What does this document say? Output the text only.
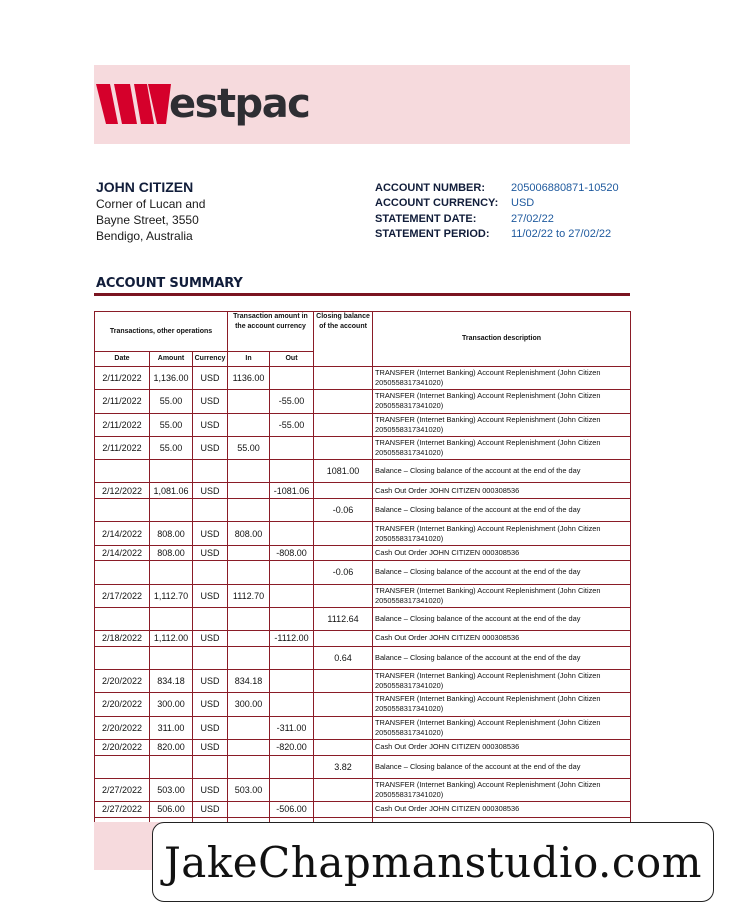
estpac
JOHN CITIZEN
Corner of Lucan and
Bayne Street, 3550
Bendigo, Australia
ACCOUNT NUMBER:	205006880871-10520
ACCOUNT CURRENCY:	USD
STATEMENT DATE:	27/02/22
STATEMENT PERIOD:	11/02/22 to 27/02/22
ACCOUNT SUMMARY
Transactions, other operations			Transaction amount in the account currency		Closing balance of the account	Transaction description
Date	Amount	Currency	In	Out		
2/11/2022	1,136.00	USD	1136.00			TRANSFER (Internet Banking) Account Replenishment (John Citizen 2050558317341020)
2/11/2022	55.00	USD		-55.00		TRANSFER (Internet Banking) Account Replenishment (John Citizen 2050558317341020)
2/11/2022	55.00	USD		-55.00		TRANSFER (Internet Banking) Account Replenishment (John Citizen 2050558317341020)
2/11/2022	55.00	USD	55.00			TRANSFER (Internet Banking) Account Replenishment (John Citizen 2050558317341020)
					1081.00	Balance – Closing balance of the account at the end of the day
2/12/2022	1,081.06	USD		-1081.06		Cash Out Order JOHN CITIZEN 000308536
					-0.06	Balance – Closing balance of the account at the end of the day
2/14/2022	808.00	USD	808.00			TRANSFER (Internet Banking) Account Replenishment (John Citizen 2050558317341020)
2/14/2022	808.00	USD		-808.00		Cash Out Order JOHN CITIZEN 000308536
					-0.06	Balance – Closing balance of the account at the end of the day
2/17/2022	1,112.70	USD	1112.70			TRANSFER (Internet Banking) Account Replenishment (John Citizen 2050558317341020)
					1112.64	Balance – Closing balance of the account at the end of the day
2/18/2022	1,112.00	USD		-1112.00		Cash Out Order JOHN CITIZEN 000308536
					0.64	Balance – Closing balance of the account at the end of the day
2/20/2022	834.18	USD	834.18			TRANSFER (Internet Banking) Account Replenishment (John Citizen 2050558317341020)
2/20/2022	300.00	USD	300.00			TRANSFER (Internet Banking) Account Replenishment (John Citizen 2050558317341020)
2/20/2022	311.00	USD		-311.00		TRANSFER (Internet Banking) Account Replenishment (John Citizen 2050558317341020)
2/20/2022	820.00	USD		-820.00		Cash Out Order JOHN CITIZEN 000308536
					3.82	Balance – Closing balance of the account at the end of the day
2/27/2022	503.00	USD	503.00			TRANSFER (Internet Banking) Account Replenishment (John Citizen 2050558317341020)
2/27/2022	506.00	USD		-506.00		Cash Out Order JOHN CITIZEN 000308536

JakeChapmanstudio.com
